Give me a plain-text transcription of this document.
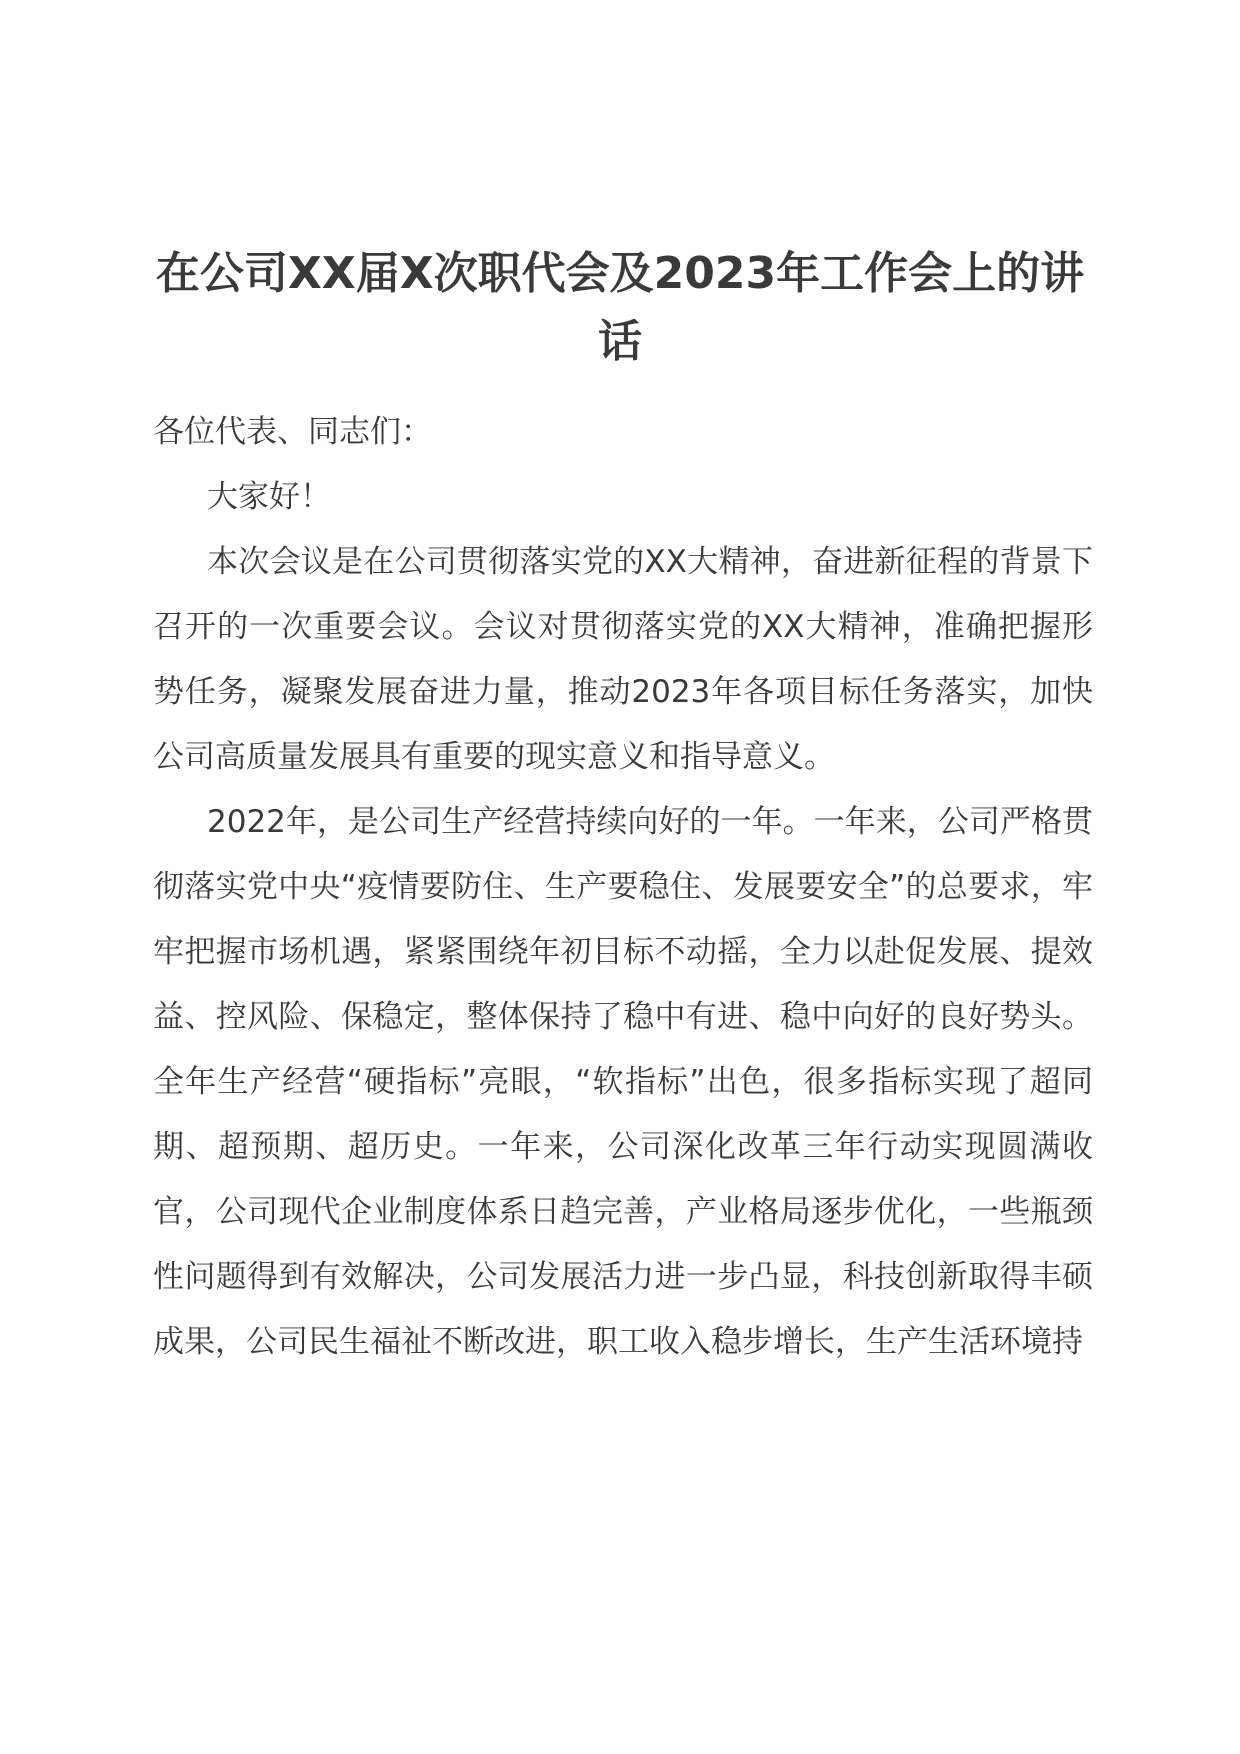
在公司XX届X次职代会及2023年工作会上的讲话

各位代表、同志们：

大家好！

本次会议是在公司贯彻落实党的XX大精神，奋进新征程的背景下召开的一次重要会议。会议对贯彻落实党的XX大精神，准确把握形势任务，凝聚发展奋进力量，推动2023年各项目标任务落实，加快公司高质量发展具有重要的现实意义和指导意义。

2022年，是公司生产经营持续向好的一年。一年来，公司严格贯彻落实党中央“疫情要防住、生产要稳住、发展要安全”的总要求，牢牢把握市场机遇，紧紧围绕年初目标不动摇，全力以赴促发展、提效益、控风险、保稳定，整体保持了稳中有进、稳中向好的良好势头。全年生产经营“硬指标”亮眼，“软指标”出色，很多指标实现了超同期、超预期、超历史。一年来，公司深化改革三年行动实现圆满收官，公司现代企业制度体系日趋完善，产业格局逐步优化，一些瓶颈性问题得到有效解决，公司发展活力进一步凸显，科技创新取得丰硕成果，公司民生福祉不断改进，职工收入稳步增长，生产生活环境持
